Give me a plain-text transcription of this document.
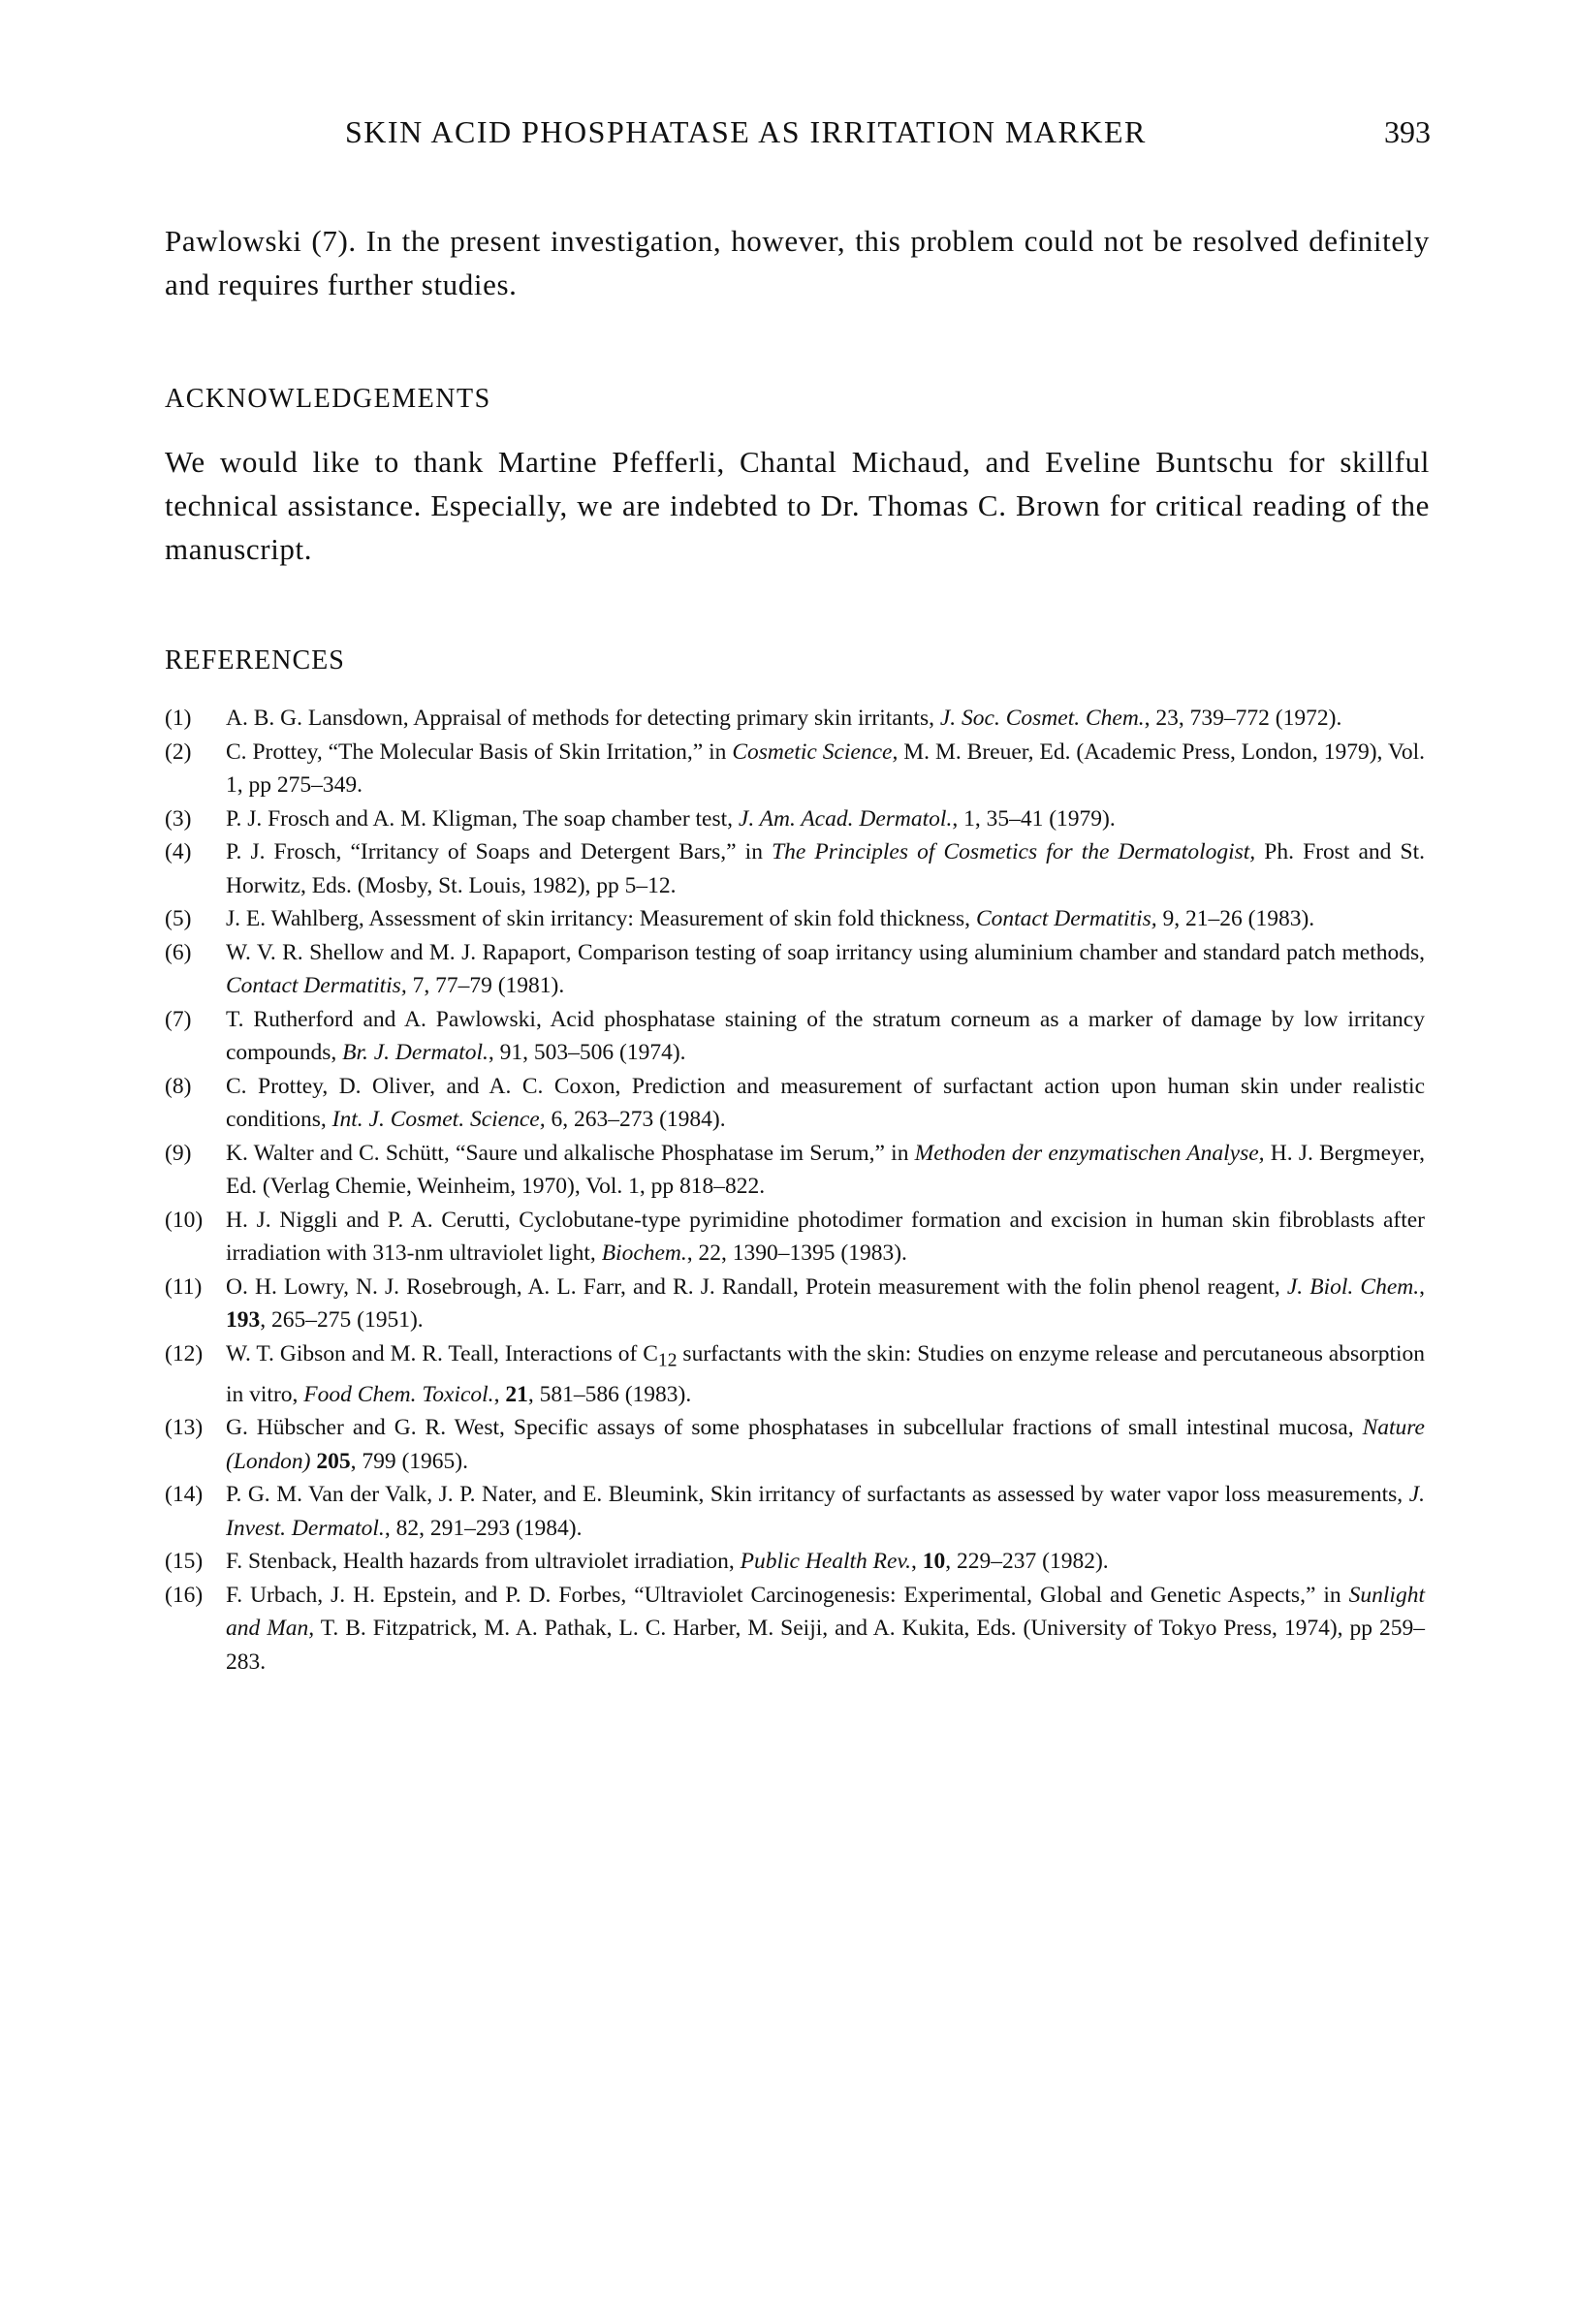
SKIN ACID PHOSPHATASE AS IRRITATION MARKER	393

Pawlowski (7). In the present investigation, however, this problem could not be resolved definitely and requires further studies.

ACKNOWLEDGEMENTS

We would like to thank Martine Pfefferli, Chantal Michaud, and Eveline Buntschu for skillful technical assistance. Especially, we are indebted to Dr. Thomas C. Brown for critical reading of the manuscript.

REFERENCES
(1)	A. B. G. Lansdown, Appraisal of methods for detecting primary skin irritants, J. Soc. Cosmet. Chem., 23, 739–772 (1972).
(2)	C. Prottey, “The Molecular Basis of Skin Irritation,” in Cosmetic Science, M. M. Breuer, Ed. (Academic Press, London, 1979), Vol. 1, pp 275–349.
(3)	P. J. Frosch and A. M. Kligman, The soap chamber test, J. Am. Acad. Dermatol., 1, 35–41 (1979).
(4)	P. J. Frosch, “Irritancy of Soaps and Detergent Bars,” in The Principles of Cosmetics for the Dermatologist, Ph. Frost and St. Horwitz, Eds. (Mosby, St. Louis, 1982), pp 5–12.
(5)	J. E. Wahlberg, Assessment of skin irritancy: Measurement of skin fold thickness, Contact Dermatitis, 9, 21–26 (1983).
(6)	W. V. R. Shellow and M. J. Rapaport, Comparison testing of soap irritancy using aluminium chamber and standard patch methods, Contact Dermatitis, 7, 77–79 (1981).
(7)	T. Rutherford and A. Pawlowski, Acid phosphatase staining of the stratum corneum as a marker of damage by low irritancy compounds, Br. J. Dermatol., 91, 503–506 (1974).
(8)	C. Prottey, D. Oliver, and A. C. Coxon, Prediction and measurement of surfactant action upon human skin under realistic conditions, Int. J. Cosmet. Science, 6, 263–273 (1984).
(9)	K. Walter and C. Schütt, “Saure und alkalische Phosphatase im Serum,” in Methoden der enzymatischen Analyse, H. J. Bergmeyer, Ed. (Verlag Chemie, Weinheim, 1970), Vol. 1, pp 818–822.
(10)	H. J. Niggli and P. A. Cerutti, Cyclobutane-type pyrimidine photodimer formation and excision in human skin fibroblasts after irradiation with 313-nm ultraviolet light, Biochem., 22, 1390–1395 (1983).
(11)	O. H. Lowry, N. J. Rosebrough, A. L. Farr, and R. J. Randall, Protein measurement with the folin phenol reagent, J. Biol. Chem., 193, 265–275 (1951).
(12)	W. T. Gibson and M. R. Teall, Interactions of $C_{12}$ surfactants with the skin: Studies on enzyme release and percutaneous absorption in vitro, Food Chem. Toxicol., 21, 581–586 (1983).
(13)	G. Hübscher and G. R. West, Specific assays of some phosphatases in subcellular fractions of small intestinal mucosa, Nature (London) 205, 799 (1965).
(14)	P. G. M. Van der Valk, J. P. Nater, and E. Bleumink, Skin irritancy of surfactants as assessed by water vapor loss measurements, J. Invest. Dermatol., 82, 291–293 (1984).
(15)	F. Stenback, Health hazards from ultraviolet irradiation, Public Health Rev., 10, 229–237 (1982).
(16)	F. Urbach, J. H. Epstein, and P. D. Forbes, “Ultraviolet Carcinogenesis: Experimental, Global and Genetic Aspects,” in Sunlight and Man, T. B. Fitzpatrick, M. A. Pathak, L. C. Harber, M. Seiji, and A. Kukita, Eds. (University of Tokyo Press, 1974), pp 259–283.
